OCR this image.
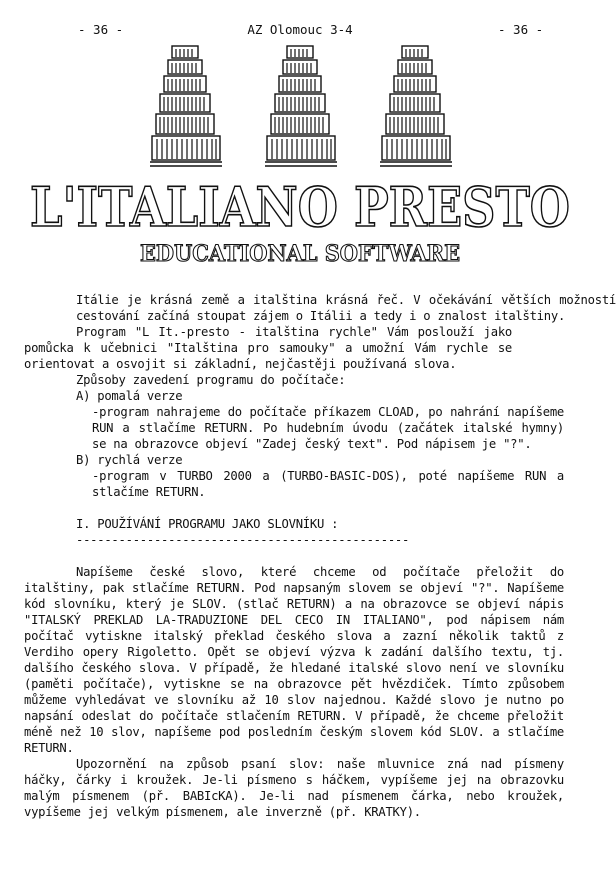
- 36 -	AZ Olomouc 3-4	- 36 -
L'ITALIANO PRESTO
EDUCATIONAL SOFTWARE

Itálie je krásná země a italština krásná řeč. V očekávání větších možností cestování začíná stoupat zájem o Itálii a tedy i o znalost italštiny.

Program "L It.-presto - italština rychle" Vám poslouží jako pomůcka k učebnici "Italština pro samouky" a umožní Vám rychle se orientovat a osvojit si základní, nejčastěji používaná slova.

Způsoby zavedení programu do počítače:

A) pomalá verze

-program nahrajeme do počítače příkazem CLOAD, po nahrání napíšeme RUN a stlačíme RETURN. Po hudebním úvodu (začátek italské hymny) se na obrazovce objeví "Zadej český text". Pod nápisem je "?".

B) rychlá verze

-program v TURBO 2000 a (TURBO-BASIC-DOS), poté napíšeme RUN a stlačíme RETURN.

I. POUŽÍVÁNÍ PROGRAMU JAKO SLOVNÍKU :

-----------------------------------------------

Napíšeme české slovo, které chceme od počítače přeložit do italštiny, pak stlačíme RETURN. Pod napsaným slovem se objeví "?". Napíšeme kód slovníku, který je SLOV. (stlač RETURN) a na obrazovce se objeví nápis "ITALSKÝ PREKLAD LA-TRADUZIONE DEL CECO IN ITALIANO", pod nápisem nám počítač vytiskne italský překlad českého slova a zazní několik taktů z Verdiho opery Rigoletto. Opět se objeví výzva k zadání dalšího textu, tj. dalšího českého slova. V případě, že hledané italské slovo není ve slovníku (paměti počítače), vytiskne se na obrazovce pět hvězdiček. Tímto způsobem můžeme vyhledávat ve slovníku až 10 slov najednou. Každé slovo je nutno po napsání odeslat do počítače stlačením RETURN. V případě, že chceme přeložit méně než 10 slov, napíšeme pod posledním českým slovem kód SLOV. a stlačíme RETURN.

Upozornění na způsob psaní slov: naše mluvnice zná nad písmeny háčky, čárky i kroužek. Je-li písmeno s háčkem, vypíšeme jej na obrazovku malým písmenem (př. BABIcKA). Je-li nad písmenem čárka, nebo kroužek, vypíšeme jej velkým písmenem, ale inverzně (př. KRATKY).
